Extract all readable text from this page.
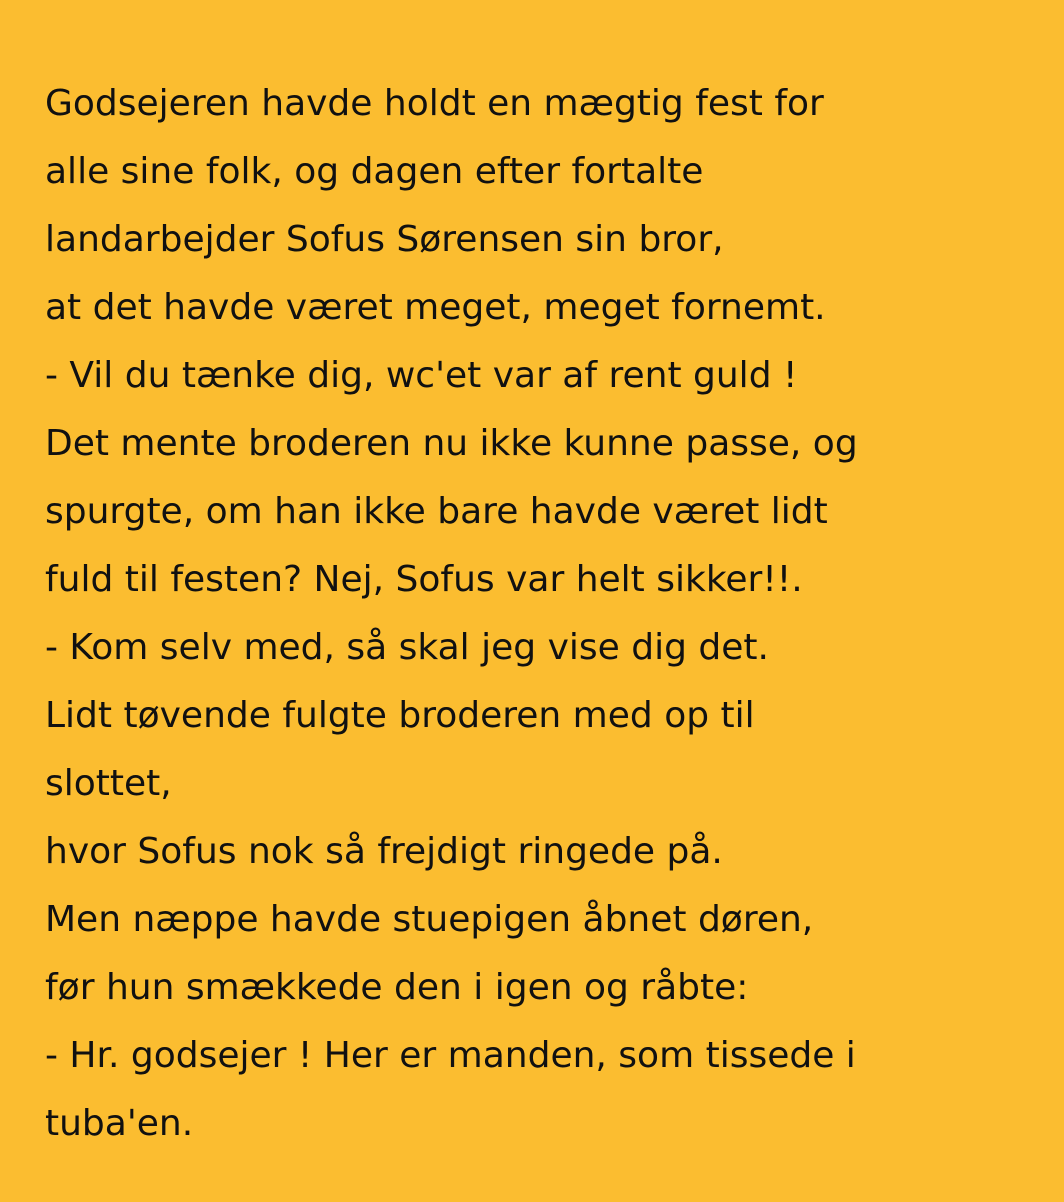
Godsejeren havde holdt en mægtig fest for
alle sine folk, og dagen efter fortalte
landarbejder Sofus Sørensen sin bror,
at det havde været meget, meget fornemt.
- Vil du tænke dig, wc'et var af rent guld !
Det mente broderen nu ikke kunne passe, og
spurgte, om han ikke bare havde været lidt
fuld til festen? Nej, Sofus var helt sikker!!.
- Kom selv med, så skal jeg vise dig det.
Lidt tøvende fulgte broderen med op til
slottet,
hvor Sofus nok så frejdigt ringede på.
Men næppe havde stuepigen åbnet døren,
før hun smækkede den i igen og råbte:
- Hr. godsejer ! Her er manden, som tissede i
tuba'en.
